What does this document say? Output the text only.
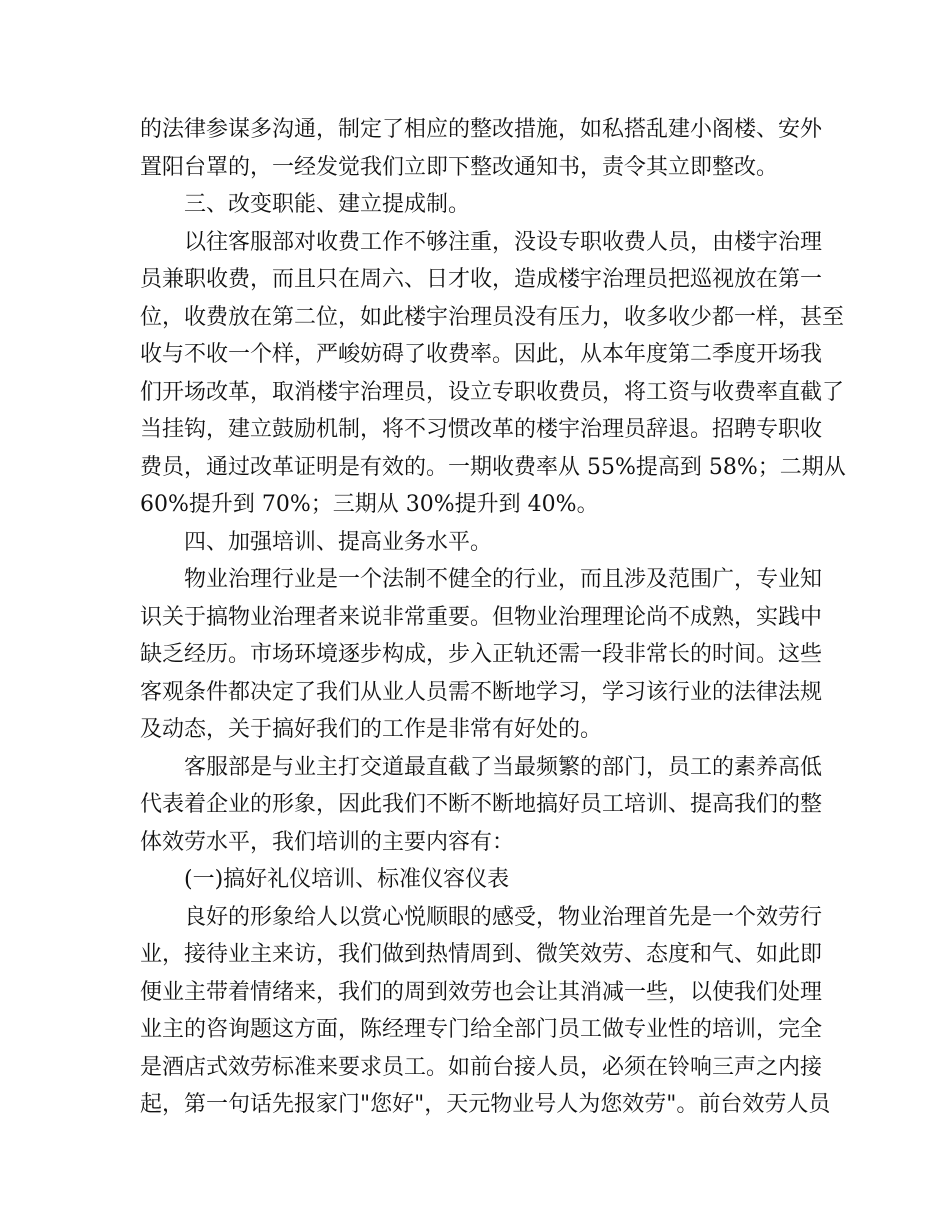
的法律参谋多沟通，制定了相应的整改措施，如私搭乱建小阁楼、安外
置阳台罩的，一经发觉我们立即下整改通知书，责令其立即整改。
三、改变职能、建立提成制。
以往客服部对收费工作不够注重，没设专职收费人员，由楼宇治理
员兼职收费，而且只在周六、日才收，造成楼宇治理员把巡视放在第一
位，收费放在第二位，如此楼宇治理员没有压力，收多收少都一样，甚至
收与不收一个样，严峻妨碍了收费率。因此，从本年度第二季度开场我
们开场改革，取消楼宇治理员，设立专职收费员，将工资与收费率直截了
当挂钩，建立鼓励机制，将不习惯改革的楼宇治理员辞退。招聘专职收
费员，通过改革证明是有效的。一期收费率从 55%提高到 58%；二期从
60%提升到 70%；三期从 30%提升到 40%。
四、加强培训、提高业务水平。
物业治理行业是一个法制不健全的行业，而且涉及范围广，专业知
识关于搞物业治理者来说非常重要。但物业治理理论尚不成熟，实践中
缺乏经历。市场环境逐步构成，步入正轨还需一段非常长的时间。这些
客观条件都决定了我们从业人员需不断地学习，学习该行业的法律法规
及动态，关于搞好我们的工作是非常有好处的。
客服部是与业主打交道最直截了当最频繁的部门，员工的素养高低
代表着企业的形象，因此我们不断不断地搞好员工培训、提高我们的整
体效劳水平，我们培训的主要内容有：
(一)搞好礼仪培训、标准仪容仪表
良好的形象给人以赏心悦顺眼的感受，物业治理首先是一个效劳行
业，接待业主来访，我们做到热情周到、微笑效劳、态度和气、如此即
便业主带着情绪来，我们的周到效劳也会让其消减一些，以使我们处理
业主的咨询题这方面，陈经理专门给全部门员工做专业性的培训，完全
是酒店式效劳标准来要求员工。如前台接人员，必须在铃响三声之内接
起，第一句话先报家门"您好"，天元物业号人为您效劳"。前台效劳人员
